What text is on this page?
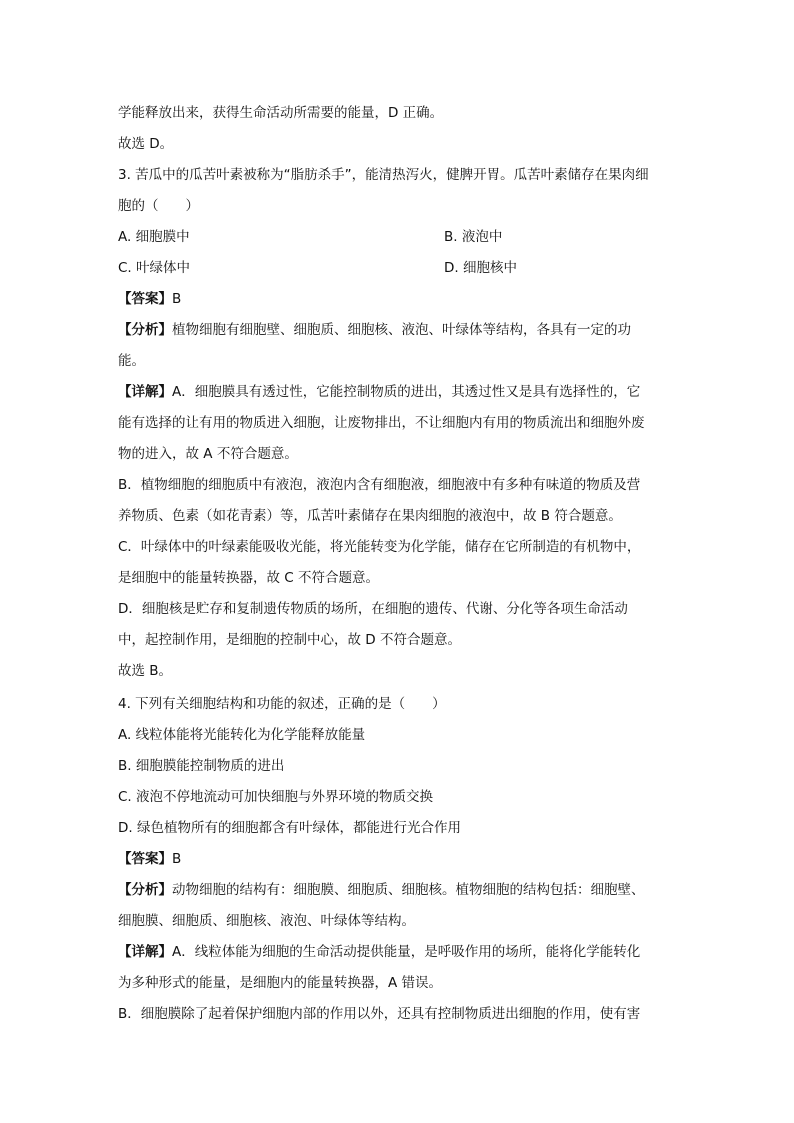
学能释放出来，获得生命活动所需要的能量，D 正确。
故选 D。
3. 苦瓜中的瓜苦叶素被称为“脂肪杀手”，能清热泻火，健脾开胃。瓜苦叶素储存在果肉细
胞的（　　）
A. 细胞膜中	B. 液泡中
C. 叶绿体中	D. 细胞核中
【答案】B
【分析】植物细胞有细胞壁、细胞质、细胞核、液泡、叶绿体等结构，各具有一定的功
能。
【详解】A．细胞膜具有透过性，它能控制物质的进出，其透过性又是具有选择性的，它
能有选择的让有用的物质进入细胞，让废物排出，不让细胞内有用的物质流出和细胞外废
物的进入，故 A 不符合题意。
B．植物细胞的细胞质中有液泡，液泡内含有细胞液，细胞液中有多种有味道的物质及营
养物质、色素（如花青素）等，瓜苦叶素储存在果肉细胞的液泡中，故 B 符合题意。
C．叶绿体中的叶绿素能吸收光能，将光能转变为化学能，储存在它所制造的有机物中，
是细胞中的能量转换器，故 C 不符合题意。
D．细胞核是贮存和复制遗传物质的场所，在细胞的遗传、代谢、分化等各项生命活动
中，起控制作用，是细胞的控制中心，故 D 不符合题意。
故选 B。
4. 下列有关细胞结构和功能的叙述，正确的是（　　）
A. 线粒体能将光能转化为化学能释放能量
B. 细胞膜能控制物质的进出
C. 液泡不停地流动可加快细胞与外界环境的物质交换
D. 绿色植物所有的细胞都含有叶绿体，都能进行光合作用
【答案】B
【分析】动物细胞的结构有：细胞膜、细胞质、细胞核。植物细胞的结构包括：细胞壁、
细胞膜、细胞质、细胞核、液泡、叶绿体等结构。
【详解】A．线粒体能为细胞的生命活动提供能量，是呼吸作用的场所，能将化学能转化
为多种形式的能量，是细胞内的能量转换器，A 错误。
B．细胞膜除了起着保护细胞内部的作用以外，还具有控制物质进出细胞的作用，使有害
